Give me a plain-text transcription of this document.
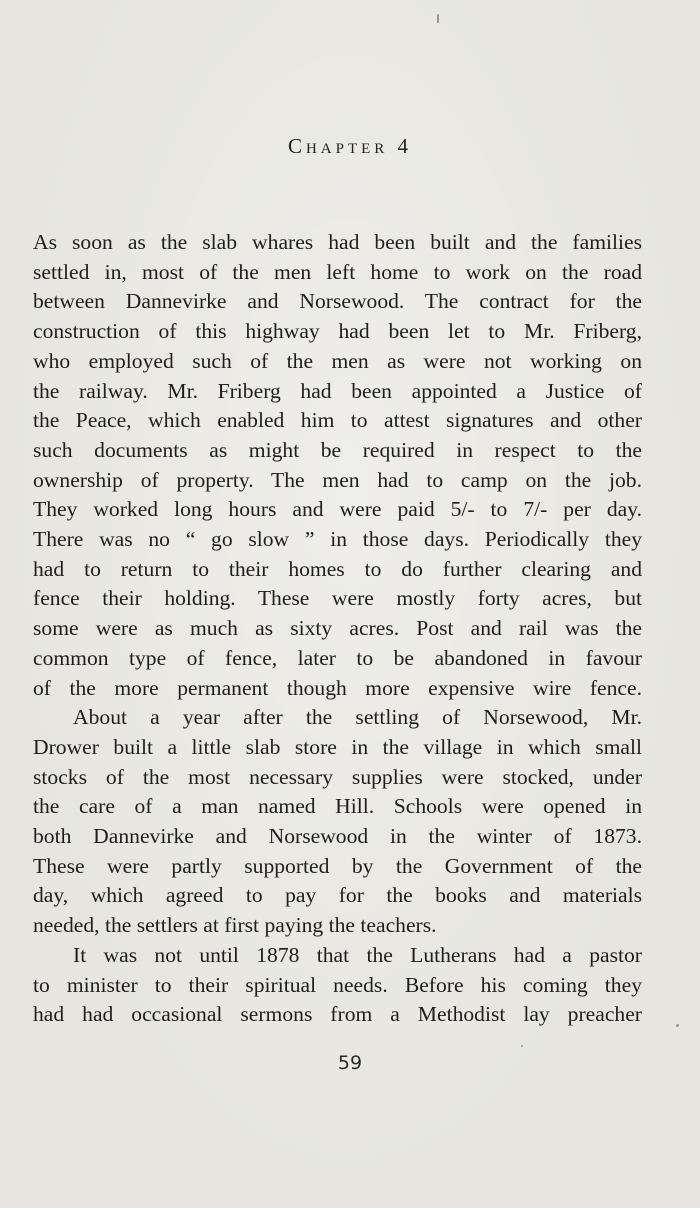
Chapter 4
As soon as the slab whares had been built and the families
settled in, most of the men left home to work on the road
between Dannevirke and Norsewood. The contract for the
construction of this highway had been let to Mr. Friberg,
who employed such of the men as were not working on
the railway. Mr. Friberg had been appointed a Justice of
the Peace, which enabled him to attest signatures and other
such documents as might be required in respect to the
ownership of property. The men had to camp on the job.
They worked long hours and were paid 5/- to 7/- per day.
There was no “ go slow ” in those days. Periodically they
had to return to their homes to do further clearing and
fence their holding. These were mostly forty acres, but
some were as much as sixty acres. Post and rail was the
common type of fence, later to be abandoned in favour
of the more permanent though more expensive wire fence.
About a year after the settling of Norsewood, Mr.
Drower built a little slab store in the village in which small
stocks of the most necessary supplies were stocked, under
the care of a man named Hill. Schools were opened in
both Dannevirke and Norsewood in the winter of 1873.
These were partly supported by the Government of the
day, which agreed to pay for the books and materials
needed, the settlers at first paying the teachers.
It was not until 1878 that the Lutherans had a pastor
to minister to their spiritual needs. Before his coming they
had had occasional sermons from a Methodist lay preacher
59
